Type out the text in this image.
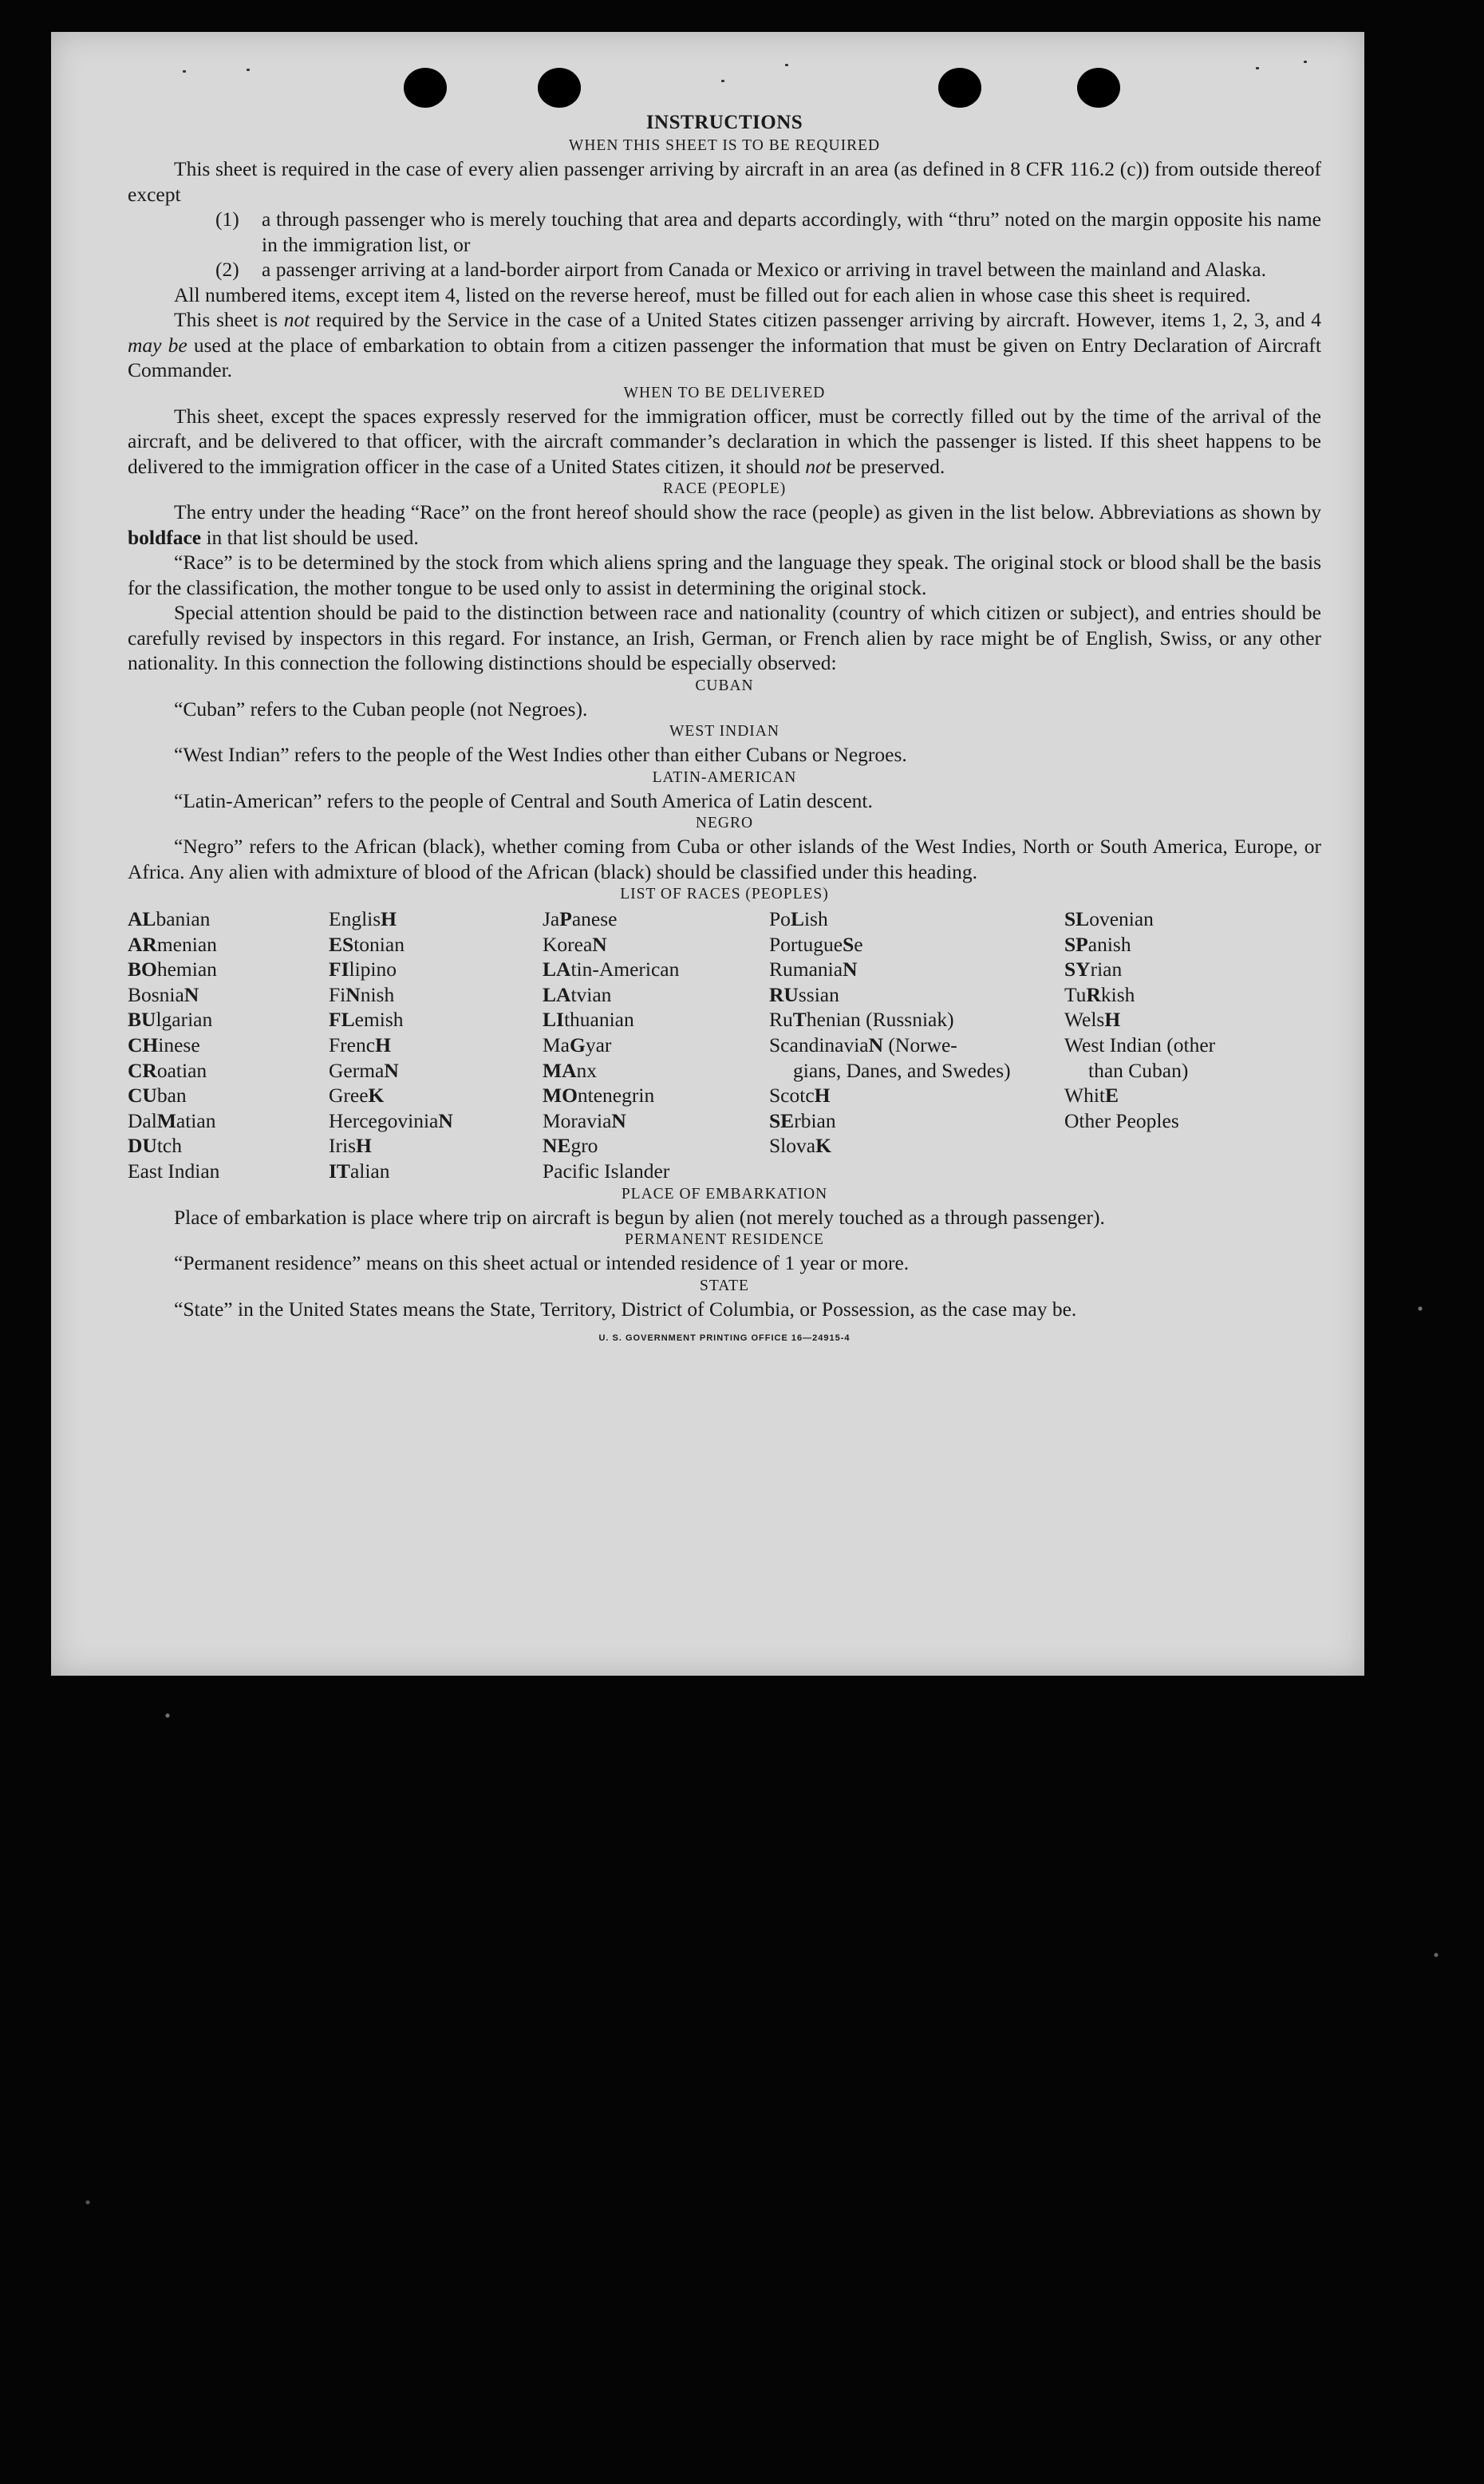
INSTRUCTIONS

WHEN THIS SHEET IS TO BE REQUIRED

This sheet is required in the case of every alien passenger arriving by aircraft in an area (as defined in 8 CFR 116.2 (c)) from outside thereof except

(1)	a through passenger who is merely touching that area and departs accordingly, with “thru” noted on the margin opposite his name in the immigration list, or
(2)	a passenger arriving at a land-border airport from Canada or Mexico or arriving in travel between the mainland and Alaska.

All numbered items, except item 4, listed on the reverse hereof, must be filled out for each alien in whose case this sheet is required.

This sheet is not required by the Service in the case of a United States citizen passenger arriving by aircraft. However, items 1, 2, 3, and 4 may be used at the place of embarkation to obtain from a citizen passenger the information that must be given on Entry Declaration of Aircraft Commander.

WHEN TO BE DELIVERED

This sheet, except the spaces expressly reserved for the immigration officer, must be correctly filled out by the time of the arrival of the aircraft, and be delivered to that officer, with the aircraft commander’s declaration in which the passenger is listed. If this sheet happens to be delivered to the immigration officer in the case of a United States citizen, it should not be preserved.

RACE (PEOPLE)

The entry under the heading “Race” on the front hereof should show the race (people) as given in the list below. Abbreviations as shown by boldface in that list should be used.

“Race” is to be determined by the stock from which aliens spring and the language they speak. The original stock or blood shall be the basis for the classification, the mother tongue to be used only to assist in determining the original stock.

Special attention should be paid to the distinction between race and nationality (country of which citizen or subject), and entries should be carefully revised by inspectors in this regard. For instance, an Irish, German, or French alien by race might be of English, Swiss, or any other nationality. In this connection the following distinctions should be especially observed:

CUBAN

“Cuban” refers to the Cuban people (not Negroes).

WEST INDIAN

“West Indian” refers to the people of the West Indies other than either Cubans or Negroes.

LATIN-AMERICAN

“Latin-American” refers to the people of Central and South America of Latin descent.

NEGRO

“Negro” refers to the African (black), whether coming from Cuba or other islands of the West Indies, North or South America, Europe, or Africa. Any alien with admixture of blood of the African (black) should be classified under this heading.

LIST OF RACES (PEOPLES)

ALbanian
ARmenian
BOhemian
BosniaN
BUlgarian
CHinese
CRoatian
CUban
DalMatian
DUtch
East Indian
EnglisH
EStonian
FIlipino
FiNnish
FLemish
FrencH
GermaN
GreeK
HercegoviniaN
IrisH
ITalian
JaPanese
KoreaN
LAtin-American
LAtvian
LIthuanian
MaGyar
MAnx
MOntenegrin
MoraviaN
NEgro
Pacific Islander
PoLish
PortugueSe
RumaniaN
RUssian
RuThenian (Russniak)
ScandinaviaN (Norwe-
gians, Danes, and Swedes)
ScotcH
SErbian
SlovaK
SLovenian
SPanish
SYrian
TuRkish
WelsH
West Indian (other
than Cuban)
WhitE
Other Peoples

PLACE OF EMBARKATION

Place of embarkation is place where trip on aircraft is begun by alien (not merely touched as a through passenger).

PERMANENT RESIDENCE

“Permanent residence” means on this sheet actual or intended residence of 1 year or more.

STATE

“State” in the United States means the State, Territory, District of Columbia, or Possession, as the case may be.

U. S. GOVERNMENT PRINTING OFFICE 16—24915-4
